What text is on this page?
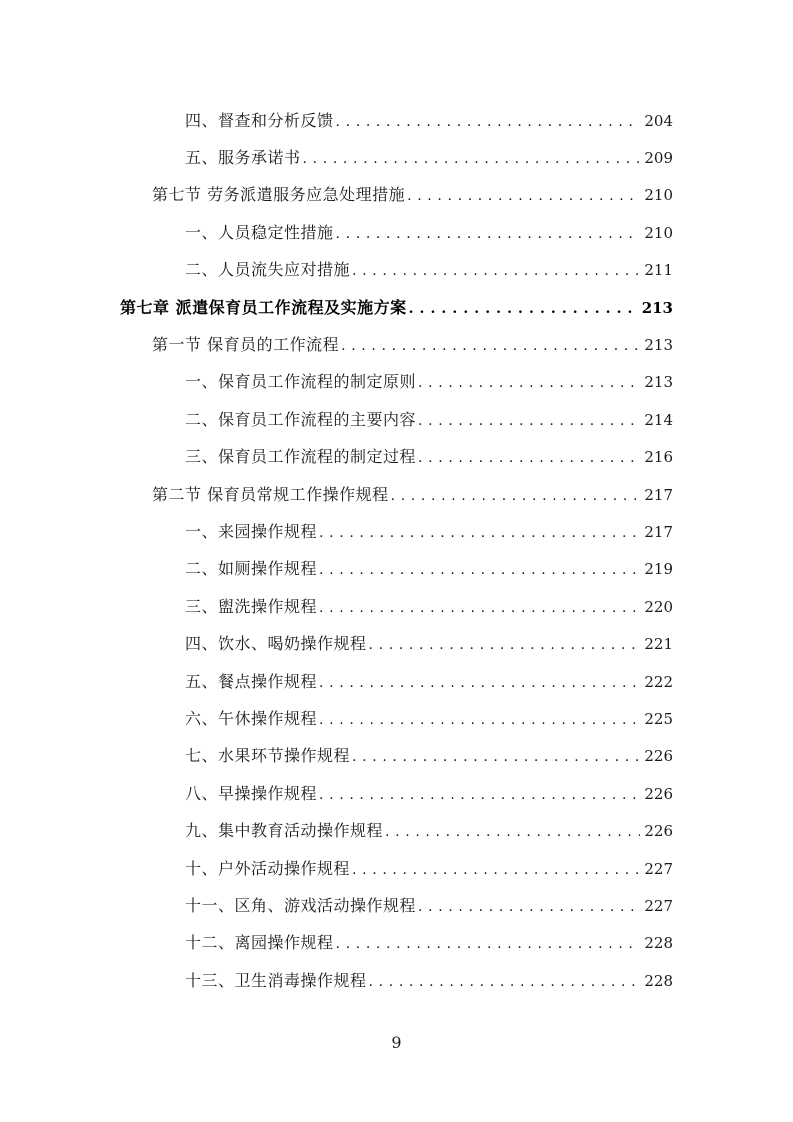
四、督查和分析反馈 . . .	204
五、服务承诺书 . . .	209
第七节 劳务派遣服务应急处理措施 . . .	210
一、人员稳定性措施 . . .	210
二、人员流失应对措施 . . .	211
第七章 派遣保育员工作流程及实施方案 . . .	213
第一节 保育员的工作流程 . . .	213
一、保育员工作流程的制定原则 . . .	213
二、保育员工作流程的主要内容 . . .	214
三、保育员工作流程的制定过程 . . .	216
第二节 保育员常规工作操作规程 . . .	217
一、来园操作规程 . . .	217
二、如厕操作规程 . . .	219
三、盥洗操作规程 . . .	220
四、饮水、喝奶操作规程 . . .	221
五、餐点操作规程 . . .	222
六、午休操作规程 . . .	225
七、水果环节操作规程 . . .	226
八、早操操作规程 . . .	226
九、集中教育活动操作规程 . . .	226
十、户外活动操作规程 . . .	227
十一、区角、游戏活动操作规程 . . .	227
十二、离园操作规程 . . .	228
十三、卫生消毒操作规程 . . .	228
9
